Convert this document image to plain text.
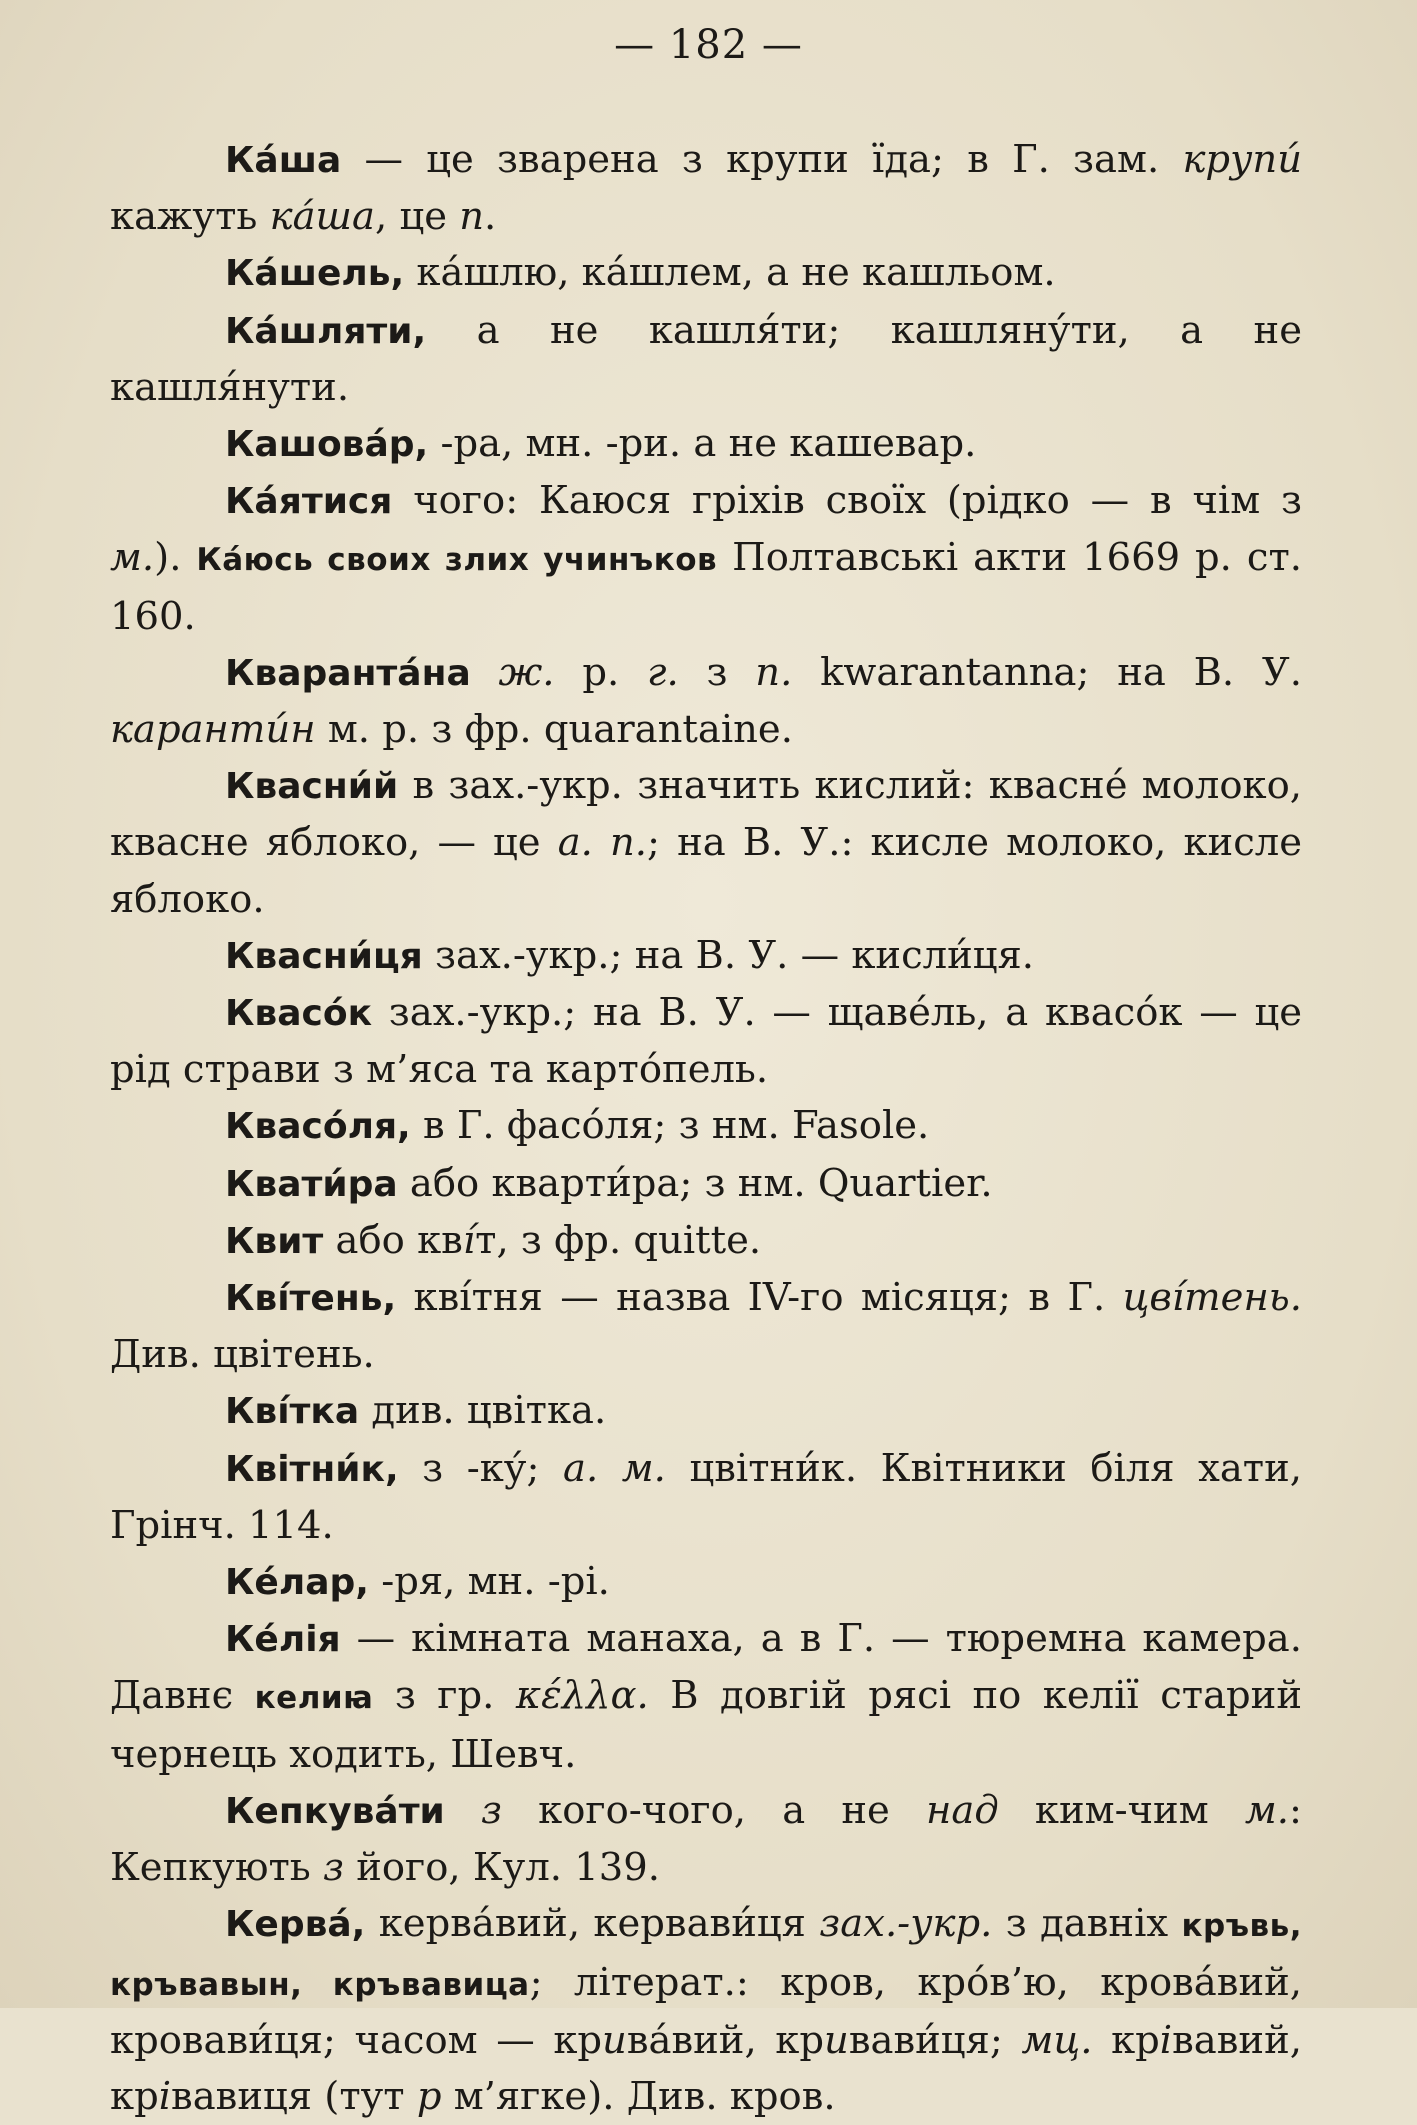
— 182 —

Ка́ша — це зварена з крупи їда; в Г. зам. крупи́ кажуть ка́ша, це п.

Ка́шель, ка́шлю, ка́шлем, а не кашльом.

Ка́шляти, а не кашля́ти; кашляну́ти, а не кашля́нути.

Кашова́р, -ра, мн. -ри. а не кашевар.

Ка́ятися чого: Каюся гріхів своїх (рідко — в чім з м.). Кáюсь своих злих учинъков Полтавські акти 1669 р. ст. 160.

Кваранта́на ж. р. г. з п. kwarantanna; на В. У. каранти́н м. р. з фр. quarantaine.

Квасни́й в зах.-укр. значить кислий: квасне́ молоко, квасне яблоко, — це а. п.; на В. У.: кисле молоко, кисле яблоко.

Квасни́ця зах.-укр.; на В. У. — кисли́ця.

Квасо́к зах.-укр.; на В. У. — щаве́ль, а квасо́к — це рід страви з м’яса та карто́пель.

Квасо́ля, в Г. фасо́ля; з нм. Fasole.

Квати́ра або кварти́ра; з нм. Quartier.

Квит або кві́т, з фр. quitte.

Кві́тень, кві́тня — назва IV-го місяця; в Г. цві́тень. Див. цвітень.

Кві́тка див. цвітка.

Квітни́к, з -ку́; а. м. цвітни́к. Квітники біля хати, Грінч. 114.

Ке́лар, -ря, мн. -рі.

Ке́лія — кімната манаха, а в Г. — тюремна камера. Давнє келиꙗ з гр. κέλλα. В довгій рясі по келії старий чернець ходить, Шевч.

Кепкува́ти з кого-чого, а не над ким-чим м.: Кепкують з його, Кул. 139.

Керва́, керва́вий, кервави́ця зах.-укр. з давніх кръвь, кръвавын, кръвавица; літерат.: кров, кро́в’ю, крова́вий, кровави́ця; часом — крива́вий, кривави́ця; мц. крівавий, крівавиця (тут р м’ягке). Див. кров.
